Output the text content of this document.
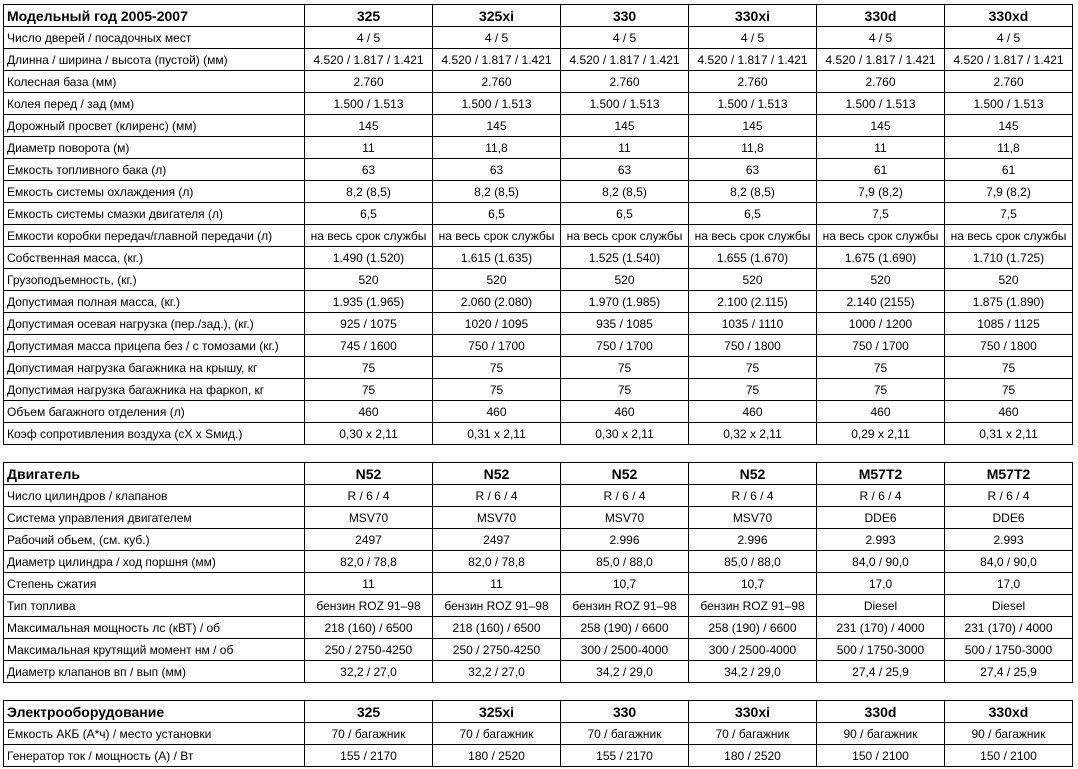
Модельный год 2005-2007	325	325xi	330	330xi	330d	330xd
Число дверей / посадочных мест	4 / 5	4 / 5	4 / 5	4 / 5	4 / 5	4 / 5
Длинна / ширина / высота (пустой) (мм)	4.520 / 1.817 / 1.421	4.520 / 1.817 / 1.421	4.520 / 1.817 / 1.421	4.520 / 1.817 / 1.421	4.520 / 1.817 / 1.421	4.520 / 1.817 / 1.421
Колесная база (мм)	2.760	2.760	2.760	2.760	2.760	2.760
Колея перед / зад (мм)	1.500 / 1.513	1.500 / 1.513	1.500 / 1.513	1.500 / 1.513	1.500 / 1.513	1.500 / 1.513
Дорожный просвет (клиренс) (мм)	145	145	145	145	145	145
Диаметр поворота (м)	11	11,8	11	11,8	11	11,8
Емкость топливного бака (л)	63	63	63	63	61	61
Емкость системы охлаждения (л)	8,2 (8,5)	8,2 (8,5)	8,2 (8,5)	8,2 (8,5)	7,9 (8,2)	7,9 (8,2)
Емкость системы смазки двигателя (л)	6,5	6,5	6,5	6,5	7,5	7,5
Емкости коробки передач/главной передачи (л)	на весь срок службы	на весь срок службы	на весь срок службы	на весь срок службы	на весь срок службы	на весь срок службы
Собственная масса, (кг.)	1.490 (1.520)	1.615 (1.635)	1.525 (1.540)	1.655 (1.670)	1.675 (1.690)	1.710 (1.725)
Грузоподъемность, (кг.)	520	520	520	520	520	520
Допустимая полная масса, (кг.)	1.935 (1.965)	2.060 (2.080)	1.970 (1.985)	2.100 (2.115)	2.140 (2155)	1.875 (1.890)
Допустимая осевая нагрузка (пер./зад.), (кг.)	925 / 1075	1020 / 1095	935 / 1085	1035 / 1110	1000 / 1200	1085 / 1125
Допустимая масса прицепа без / с томозами (кг.)	745 / 1600	750 / 1700	750 / 1700	750 / 1800	750 / 1700	750 / 1800
Допустимая нагрузка багажника на крышу, кг	75	75	75	75	75	75
Допустимая нагрузка багажника на фаркоп, кг	75	75	75	75	75	75
Объем багажного отделения (л)	460	460	460	460	460	460
Коэф сопротивления воздуха (cX x Sмид.)	0,30 x 2,11	0,31 x 2,11	0,30 x 2,11	0,32 x 2,11	0,29 x 2,11	0,31 x 2,11
Двигатель	N52	N52	N52	N52	M57T2	M57T2
Число цилиндров / клапанов	R / 6 / 4	R / 6 / 4	R / 6 / 4	R / 6 / 4	R / 6 / 4	R / 6 / 4
Система управления двигателем	MSV70	MSV70	MSV70	MSV70	DDE6	DDE6
Рабочий обьем, (см. куб.)	2497	2497	2.996	2.996	2.993	2.993
Диаметр цилиндра / ход поршня (мм)	82,0 / 78,8	82,0 / 78,8	85,0 / 88,0	85,0 / 88,0	84,0 / 90,0	84,0 / 90,0
Степень сжатия	11	11	10,7	10,7	17,0	17,0
Тип топлива	бензин ROZ 91–98	бензин ROZ 91–98	бензин ROZ 91–98	бензин ROZ 91–98	Diesel	Diesel
Максимальная мощность лс (кВТ) / об	218 (160) / 6500	218 (160) / 6500	258 (190) / 6600	258 (190) / 6600	231 (170) / 4000	231 (170) / 4000
Максимальная крутящий момент нм / об	250 / 2750-4250	250 / 2750-4250	300 / 2500-4000	300 / 2500-4000	500 / 1750-3000	500 / 1750-3000
Диаметр клапанов вп / вып (мм)	32,2 / 27,0	32,2 / 27,0	34,2 / 29,0	34,2 / 29,0	27,4 / 25,9	27,4 / 25,9
Электрооборудование	325	325xi	330	330xi	330d	330xd
Емкость АКБ (А*ч) / место установки	70 / багажник	70 / багажник	70 / багажник	70 / багажник	90 / багажник	90 / багажник
Генератор ток / мощность (А) / Вт	155 / 2170	180 / 2520	155 / 2170	180 / 2520	150 / 2100	150 / 2100
